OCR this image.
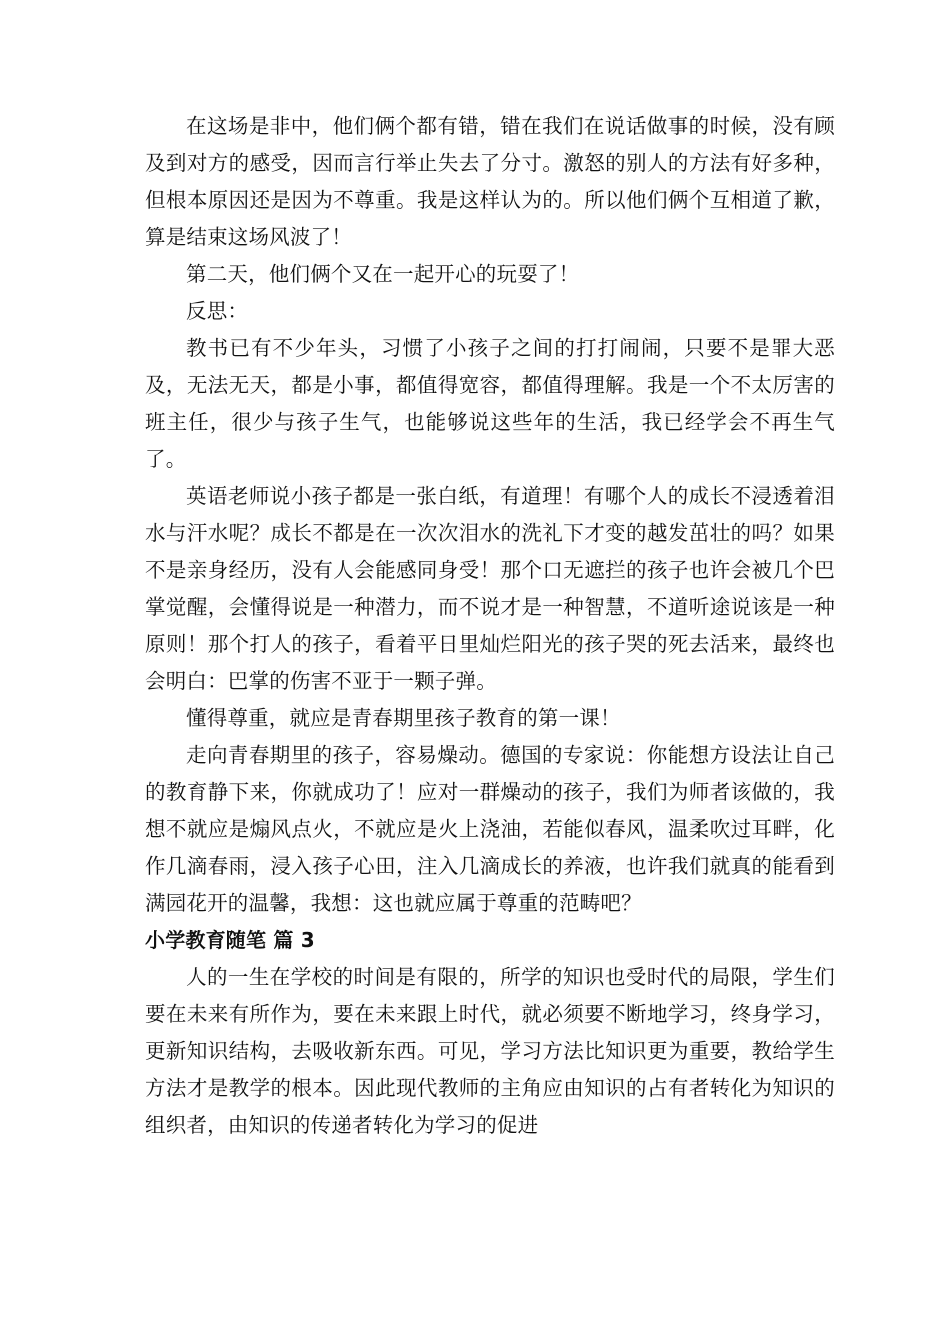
在这场是非中，他们俩个都有错，错在我们在说话做事的时候，没有顾及到对方的感受，因而言行举止失去了分寸。激怒的别人的方法有好多种，但根本原因还是因为不尊重。我是这样认为的。所以他们俩个互相道了歉，算是结束这场风波了！

第二天，他们俩个又在一起开心的玩耍了！

反思：

教书已有不少年头，习惯了小孩子之间的打打闹闹，只要不是罪大恶及，无法无天，都是小事，都值得宽容，都值得理解。我是一个不太厉害的班主任，很少与孩子生气，也能够说这些年的生活，我已经学会不再生气了。

英语老师说小孩子都是一张白纸，有道理！有哪个人的成长不浸透着泪水与汗水呢？成长不都是在一次次泪水的洗礼下才变的越发茁壮的吗？如果不是亲身经历，没有人会能感同身受！那个口无遮拦的孩子也许会被几个巴掌觉醒，会懂得说是一种潜力，而不说才是一种智慧，不道听途说该是一种原则！那个打人的孩子，看着平日里灿烂阳光的孩子哭的死去活来，最终也会明白：巴掌的伤害不亚于一颗子弹。

懂得尊重，就应是青春期里孩子教育的第一课！

走向青春期里的孩子，容易燥动。德国的专家说：你能想方设法让自己的教育静下来，你就成功了！应对一群燥动的孩子，我们为师者该做的，我想不就应是煽风点火，不就应是火上浇油，若能似春风，温柔吹过耳畔，化作几滴春雨，浸入孩子心田，注入几滴成长的养液，也许我们就真的能看到满园花开的温馨，我想：这也就应属于尊重的范畴吧？

小学教育随笔 篇 3

人的一生在学校的时间是有限的，所学的知识也受时代的局限，学生们要在未来有所作为，要在未来跟上时代，就必须要不断地学习，终身学习，更新知识结构，去吸收新东西。可见，学习方法比知识更为重要，教给学生方法才是教学的根本。因此现代教师的主角应由知识的占有者转化为知识的组织者，由知识的传递者转化为学习的促进
